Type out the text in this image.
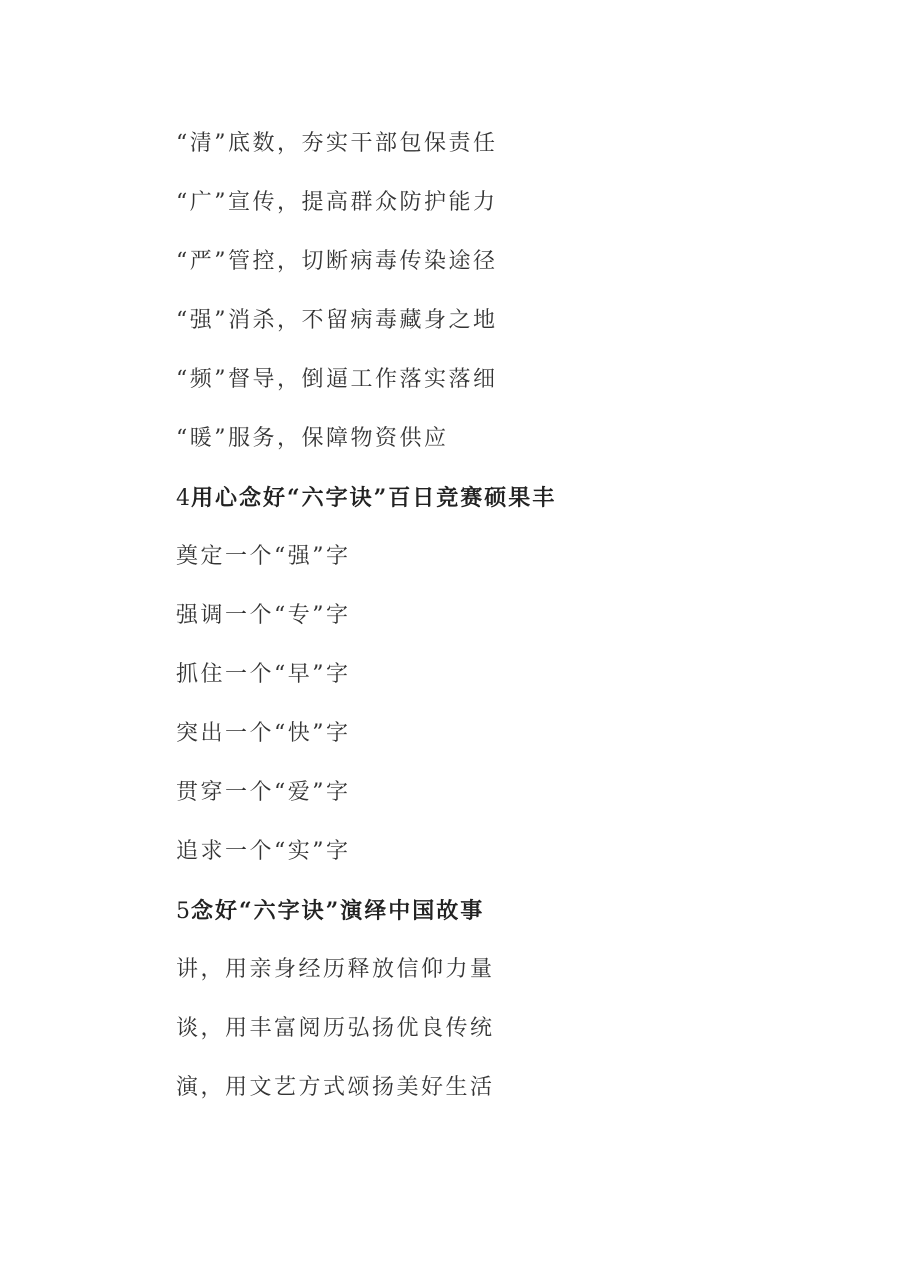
“清”底数，夯实干部包保责任
“广”宣传，提高群众防护能力
“严”管控，切断病毒传染途径
“强”消杀，不留病毒藏身之地
“频”督导，倒逼工作落实落细
“暖”服务，保障物资供应
4用心念好“六字诀”百日竞赛硕果丰
奠定一个“强”字
强调一个“专”字
抓住一个“早”字
突出一个“快”字
贯穿一个“爱”字
追求一个“实”字
5念好“六字诀”演绎中国故事
讲，用亲身经历释放信仰力量
谈，用丰富阅历弘扬优良传统
演，用文艺方式颂扬美好生活
